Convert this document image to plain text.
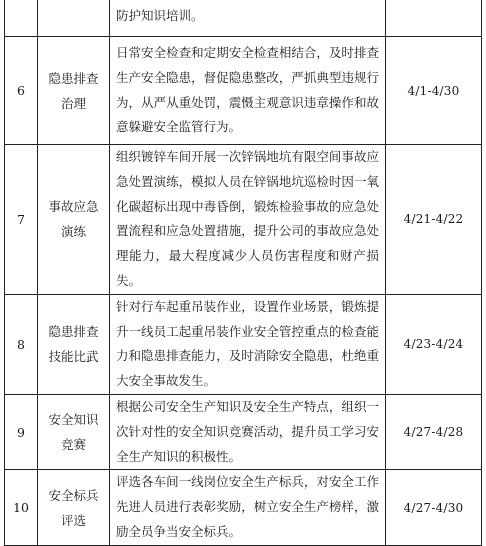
		防护知识培训。	
6	隐患排查治理	日常安全检查和定期安全检查相结合，及时排查生产安全隐患，督促隐患整改，严抓典型违规行为，从严从重处罚，震慑主观意识违章操作和故意躲避安全监管行为。	4/1-4/30
7	事故应急演练	组织镀锌车间开展一次锌锅地坑有限空间事故应急处置演练，模拟人员在锌锅地坑巡检时因一氧化碳超标出现中毒昏倒，锻炼检验事故的应急处置流程和应急处置措施，提升公司的事故应急处理能力，最大程度减少人员伤害程度和财产损失。	4/21-4/22
8	隐患排查技能比武	针对行车起重吊装作业，设置作业场景，锻炼提升一线员工起重吊装作业安全管控重点的检查能力和隐患排查能力，及时消除安全隐患，杜绝重大安全事故发生。	4/23-4/24
9	安全知识竞赛	根据公司安全生产知识及安全生产特点，组织一次针对性的安全知识竞赛活动，提升员工学习安全生产知识的积极性。	4/27-4/28
10	安全标兵评选	评选各车间一线岗位安全生产标兵，对安全工作先进人员进行表彰奖励，树立安全生产榜样，激励全员争当安全标兵。	4/27-4/30
